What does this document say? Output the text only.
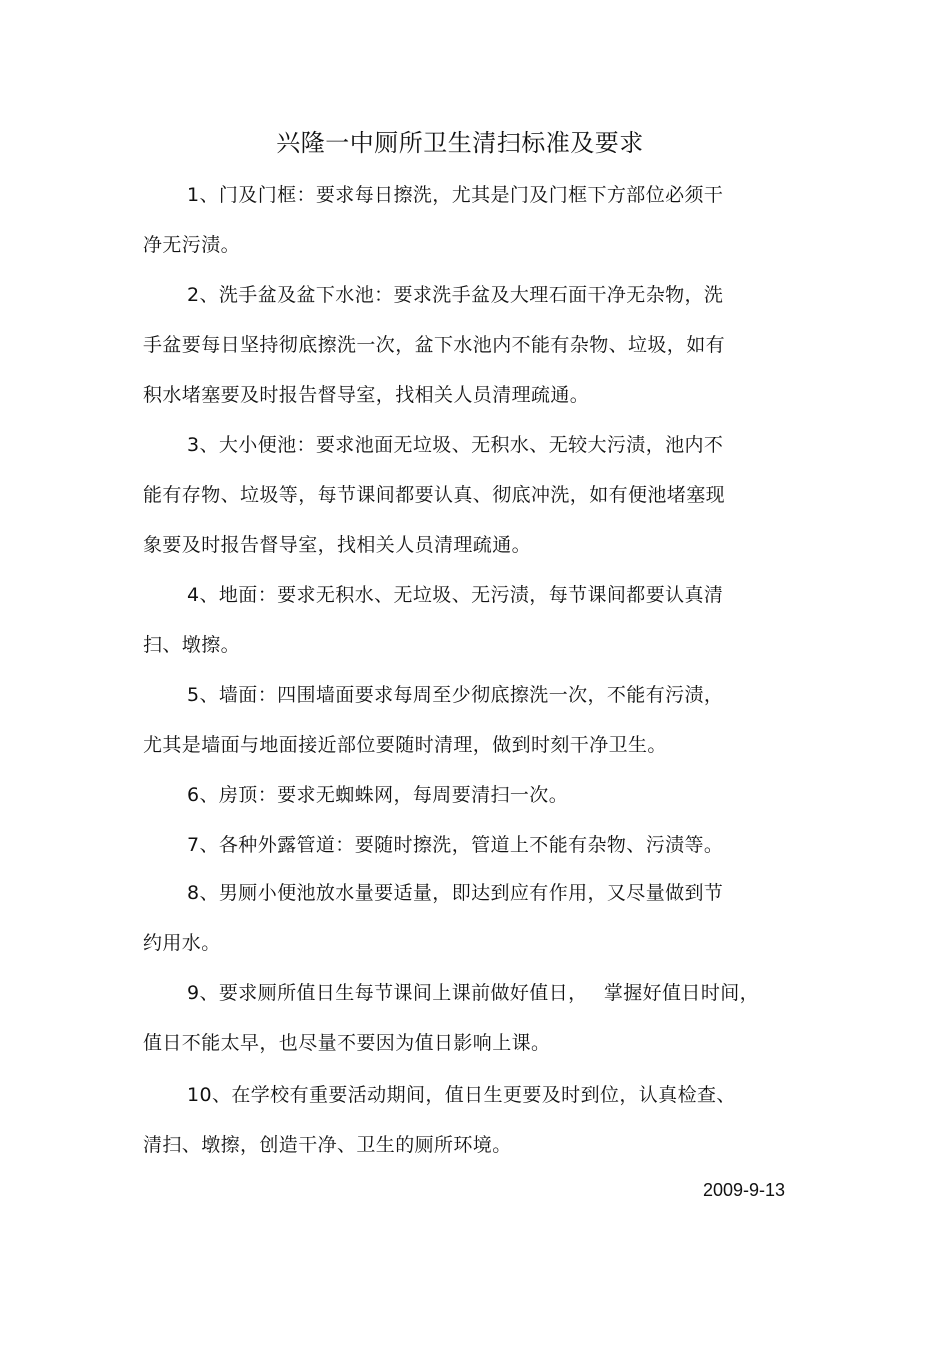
兴隆一中厕所卫生清扫标准及要求
1、门及门框：要求每日擦洗，尤其是门及门框下方部位必须干
净无污渍。
2、洗手盆及盆下水池：要求洗手盆及大理石面干净无杂物，洗
手盆要每日坚持彻底擦洗一次，盆下水池内不能有杂物、垃圾，如有
积水堵塞要及时报告督导室，找相关人员清理疏通。
3、大小便池：要求池面无垃圾、无积水、无较大污渍，池内不
能有存物、垃圾等，每节课间都要认真、彻底冲洗，如有便池堵塞现
象要及时报告督导室，找相关人员清理疏通。
4、地面：要求无积水、无垃圾、无污渍，每节课间都要认真清
扫、墩擦。
5、墙面：四围墙面要求每周至少彻底擦洗一次，不能有污渍，
尤其是墙面与地面接近部位要随时清理，做到时刻干净卫生。
6、房顶：要求无蜘蛛网，每周要清扫一次。
7、各种外露管道：要随时擦洗，管道上不能有杂物、污渍等。
8、男厕小便池放水量要适量，即达到应有作用，又尽量做到节
约用水。
9、要求厕所值日生每节课间上课前做好值日，　 掌握好值日时间，
值日不能太早，也尽量不要因为值日影响上课。
10、在学校有重要活动期间，值日生更要及时到位，认真检查、
清扫、墩擦，创造干净、卫生的厕所环境。
2009-9-13
